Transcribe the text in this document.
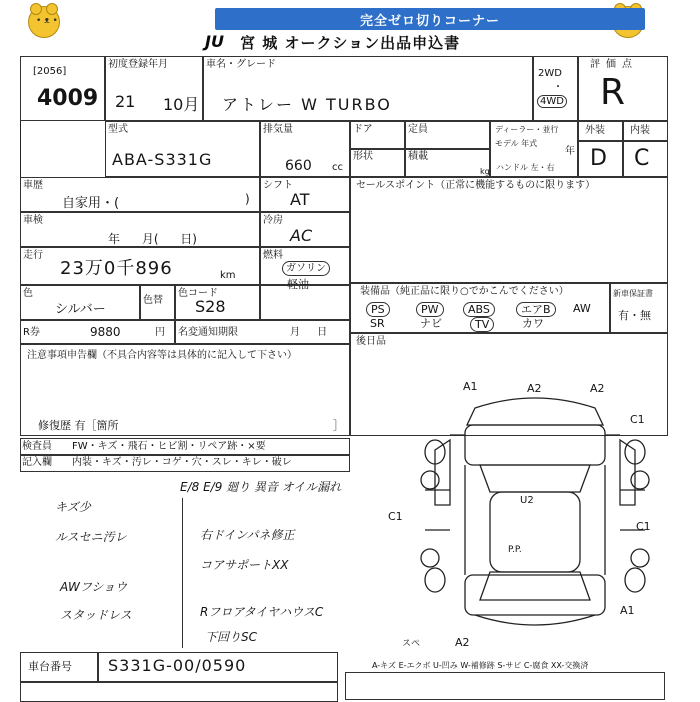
• ᴥ •	完全ゼロ切りコーナー
JU 宮 城 オークション出品申込書
[2056]
4009
初度登録年月
21 10月
車名・グレード
アトレー W TURBO
2WD
・
4WD
評価点
R
型式
ABA-S331G
排気量
660 cc
ドア	定員	ディーラー・並行
モデル 年式
年
ハンドル 左・右
形状	積載
kg
外装	内装
D C
車歴
自家用・(	)
シフト
AT
セールスポイント（正常に機能するものに限ります）
車検
年 月( 日)
冷房
AC
走行
23万0千896	km
燃料
ガソリン
軽油
色
シルバー
色替
色コード
S28
装備品（純正品に限り○でかこんでください）
PS	PW	ABS	エアB	AW
SR	ナビ	TV	カワ
新車保証書
有・無
R券	9880	円 名変通知期限	月 日
後日品
注意事項申告欄（不具合内容等は具体的に記入して下さい）
修復歴 有［箇所	］
検査員
記入欄
FW・キズ・飛石・ヒビ割・リペア跡・×要
内装・キズ・汚レ・コゲ・穴・スレ・キレ・破レ
E/8 E/9 廻り 異音 オイル漏れ
キズ少
ルスセニ汚レ	右ドインパネ修正
コアサポートXX
AWフショウ
スタッドレス	RフロアタイヤハウスC
下回りSC
車台番号 S331G-00/0590
A1	A2	A2
C1
C1
U2
P.P.
C1
A1
A2
スペ
A-キズ E-エクボ U-凹み W-補修跡 S-サビ C-腐食 XX-交換済
